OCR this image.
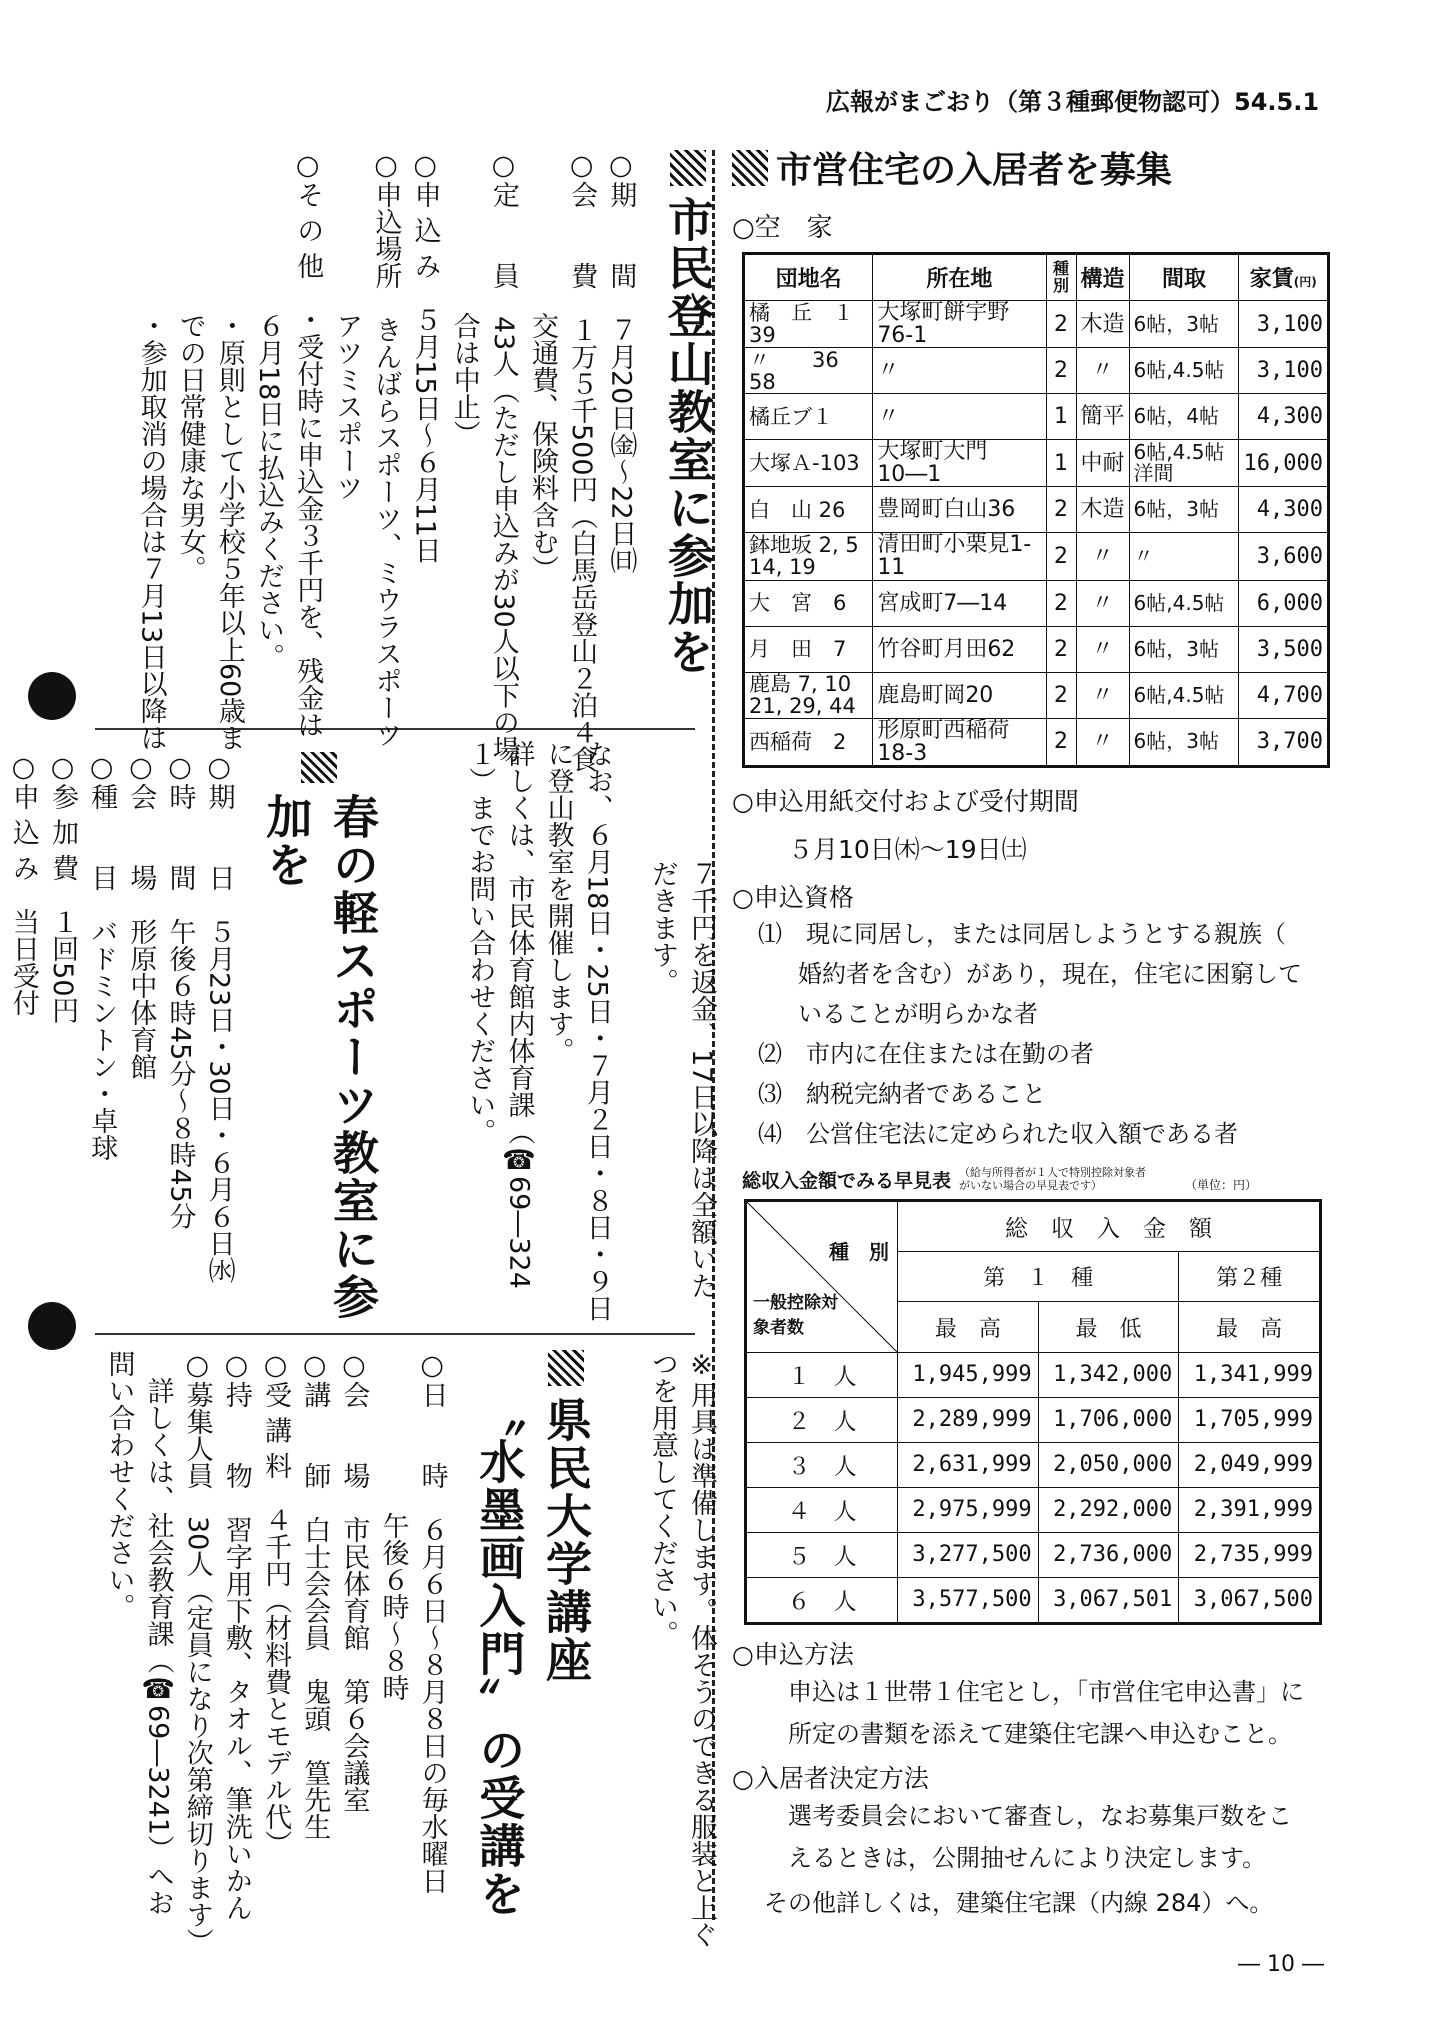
広報がまごおり（第３種郵便物認可）54.5.1
市民登山教室に参加を

○期　　間　７月20日㈮〜22日㈰

○会　　費　１万５千500円（白馬岳登山２泊４食

　　　　　　交通費、保険料含む）

○定　　員　43人（ただし申込みが30人以下の場

　　　　　　合は中止）

○申 込 み　５月15日〜６月11日

○申込場所　きんばらスポーツ、ミウラスポーツ

　　　　　　アツミスポーツ

○そ の 他　・受付時に申込金３千円を、残金は

　　　　　　６月18日に払込みください。

　　　　　　・原則として小学校５年以上60歳ま

　　　　　　での日常健康な男女。

　　　　　　・参加取消の場合は７月13日以降は

７千円を返金、17日以降は全額いた

だきます。

なお、６月18日・25日・７月２日・８日・９日

に登山教室を開催します。

詳しくは、市民体育館内体育課（☎69―324

１）までお問い合わせください。

春の軽スポーツ教室に参加を

○期　　日　５月23日・30日・６月６日㈬

○時　　間　午後６時45分〜８時45分

○会　　場　形原中体育館

○種　　目　バドミントン・卓球

○参 加 費　１回50円

○申 込 み　当日受付

※用具は準備します。体そうのできる服装と上ぐ

つを用意してください。

県民大学講座
〝水墨画入門〟の受講を

○日　　時　６月６日〜８月８日の毎水曜日

　　　　　　午後６時〜８時

○会　　場　市民体育館　第６会議室

○講　　師　白士会会員　鬼頭　篁先生

○受 講 料　４千円（材料費とモデル代）

○持　　物　習字用下敷、タオル、筆洗いかん

○募集人員　30人（定員になり次第締切ります）

詳しくは、社会教育課（☎69―3241）へお

問い合わせください。

市営住宅の入居者を募集
○空　家
団地名	所在地	種別	構造	間取	家賃(円)
橘　丘　１ 39	大塚町餅宇野76-1	2	木造	6帖，3帖	3,100
〃　　36 58	〃	2	〃	6帖,4.5帖	3,100
橘丘ブ１	〃	1	簡平	6帖，4帖	4,300
大塚Ａ-103	大塚町大門10―1	1	中耐	6帖,4.5帖 洋間	16,000
白　山 26	豊岡町白山36	2	木造	6帖，3帖	4,300
鉢地坂 2, 5 14, 19	清田町小栗見1-11	2	〃	〃	3,600
大　宮　6	宮成町7―14	2	〃	6帖,4.5帖	6,000
月　田　7	竹谷町月田62	2	〃	6帖，3帖	3,500
鹿島 7, 10 21, 29, 44	鹿島町岡20	2	〃	6帖,4.5帖	4,700
西稲荷　2	形原町西稲荷18-3	2	〃	6帖，3帖	3,700
○申込用紙交付および受付期間
５月10日㈭〜19日㈯
○申込資格
⑴　現に同居し，または同居しようとする親族（
婚約者を含む）があり，現在，住宅に困窮して
いることが明らかな者
⑵　市内に在住または在勤の者
⑶　納税完納者であること
⑷　公営住宅法に定められた収入額である者
総収入金額でみる早見表 （給与所得者が１人で特別控除対象者がいない場合の早見表です）	（単位：円）
種　別
一般控除対象者数	総　収　入　金　額		
	第　１　種		第２種
	最　高	最　低	最　高
１　人	1,945,999	1,342,000	1,341,999
２　人	2,289,999	1,706,000	1,705,999
３　人	2,631,999	2,050,000	2,049,999
４　人	2,975,999	2,292,000	2,391,999
５　人	3,277,500	2,736,000	2,735,999
６　人	3,577,500	3,067,501	3,067,500
○申込方法
申込は１世帯１住宅とし，「市営住宅申込書」に
所定の書類を添えて建築住宅課へ申込むこと。
○入居者決定方法
選考委員会において審査し，なお募集戸数をこ
えるときは，公開抽せんにより決定します。
その他詳しくは，建築住宅課（内線 284）へ。
― 10 ―
